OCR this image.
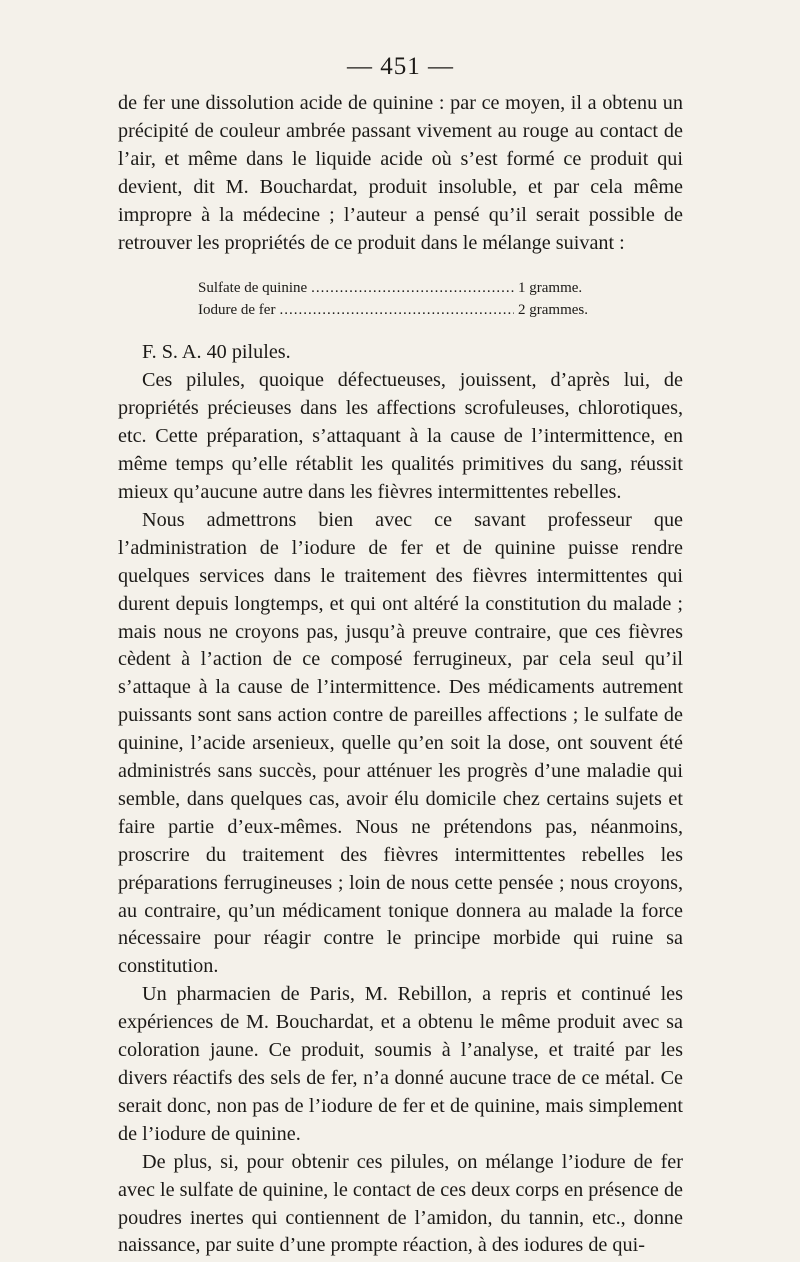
— 451 —

de fer une dissolution acide de quinine : par ce moyen, il a obtenu un précipité de couleur ambrée passant vivement au rouge au contact de l’air, et même dans le liquide acide où s’est formé ce produit qui devient, dit M. Bouchardat, produit insoluble, et par cela même impropre à la médecine ; l’auteur a pensé qu’il serait possible de retrouver les propriétés de ce produit dans le mélange suivant :

Sulfate de quinine .....	1 gramme.
Iodure de fer .....	2 grammes.

F. S. A. 40 pilules.

Ces pilules, quoique défectueuses, jouissent, d’après lui, de propriétés précieuses dans les affections scrofuleuses, chlorotiques, etc. Cette préparation, s’attaquant à la cause de l’intermittence, en même temps qu’elle rétablit les qualités primitives du sang, réussit mieux qu’aucune autre dans les fièvres intermittentes rebelles.

Nous admettrons bien avec ce savant professeur que l’administration de l’iodure de fer et de quinine puisse rendre quelques services dans le traitement des fièvres intermittentes qui durent depuis longtemps, et qui ont altéré la constitution du malade ; mais nous ne croyons pas, jusqu’à preuve contraire, que ces fièvres cèdent à l’action de ce composé ferrugineux, par cela seul qu’il s’attaque à la cause de l’intermittence. Des médicaments autrement puissants sont sans action contre de pareilles affections ; le sulfate de quinine, l’acide arsenieux, quelle qu’en soit la dose, ont souvent été administrés sans succès, pour atténuer les progrès d’une maladie qui semble, dans quelques cas, avoir élu domicile chez certains sujets et faire partie d’eux-mêmes. Nous ne prétendons pas, néanmoins, proscrire du traitement des fièvres intermittentes rebelles les préparations ferrugineuses ; loin de nous cette pensée ; nous croyons, au contraire, qu’un médicament tonique donnera au malade la force nécessaire pour réagir contre le principe morbide qui ruine sa constitution.

Un pharmacien de Paris, M. Rebillon, a repris et continué les expériences de M. Bouchardat, et a obtenu le même produit avec sa coloration jaune. Ce produit, soumis à l’analyse, et traité par les divers réactifs des sels de fer, n’a donné aucune trace de ce métal. Ce serait donc, non pas de l’iodure de fer et de quinine, mais simplement de l’iodure de quinine.

De plus, si, pour obtenir ces pilules, on mélange l’iodure de fer avec le sulfate de quinine, le contact de ces deux corps en présence de poudres inertes qui contiennent de l’amidon, du tannin, etc., donne naissance, par suite d’une prompte réaction, à des iodures de qui-
